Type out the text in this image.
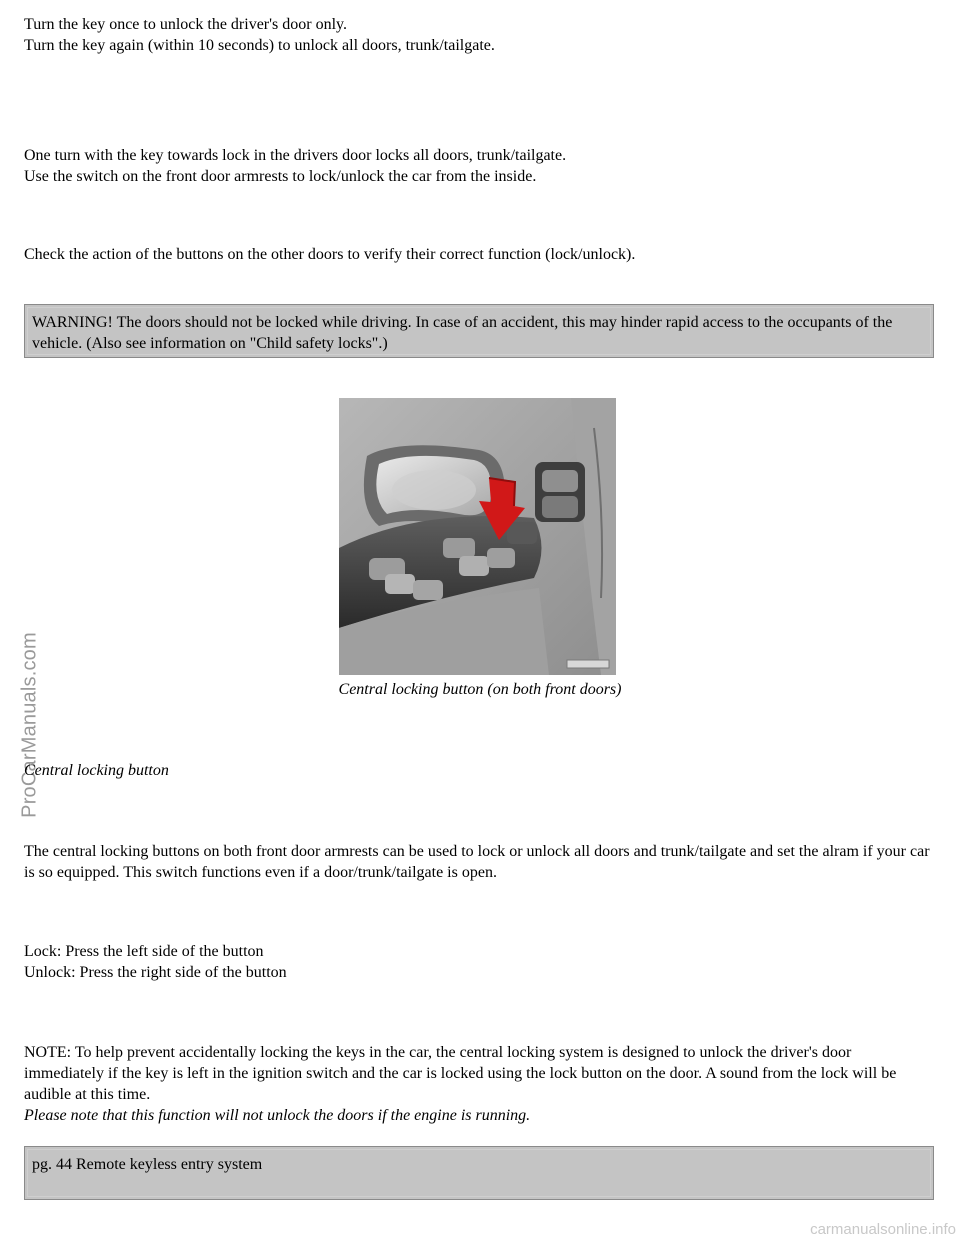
ProCarManuals.com
Turn the key once to unlock the driver's door only.
Turn the key again (within 10 seconds) to unlock all doors, trunk/tailgate.
One turn with the key towards lock in the drivers door locks all doors, trunk/tailgate.
Use the switch on the front door armrests to lock/unlock the car from the inside.
Check the action of the buttons on the other doors to verify their correct function (lock/unlock).
WARNING! The doors should not be locked while driving. In case of an accident, this may hinder rapid access to the occupants of the vehicle. (Also see information on "Child safety locks".)
Central locking button (on both front doors)
Central locking button
The central locking buttons on both front door armrests can be used to lock or unlock all doors and trunk/tailgate and set the alram if your car is so equipped. This switch functions even if a door/trunk/tailgate is open.
Lock: Press the left side of the button
Unlock: Press the right side of the button
NOTE: To help prevent accidentally locking the keys in the car, the central locking system is designed to unlock the driver's door immediately if the key is left in the ignition switch and the car is locked using the lock button on the door. A sound from the lock will be audible at this time.
Please note that this function will not unlock the doors if the engine is running.
pg. 44 Remote keyless entry system
carmanualsonline.info
